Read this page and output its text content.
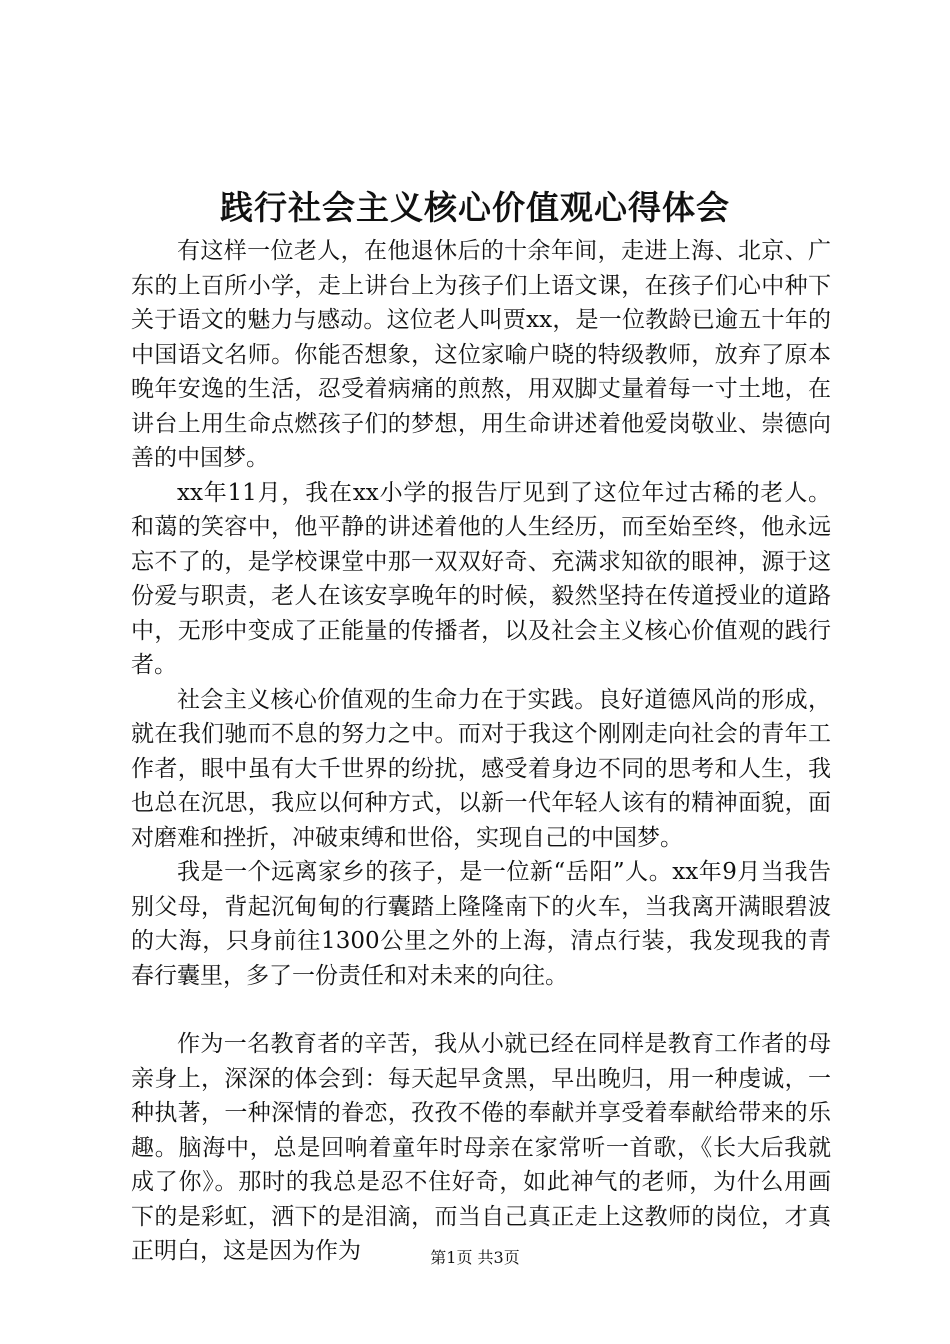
践行社会主义核心价值观心得体会

有这样一位老人，在他退休后的十余年间，走进上海、北京、广东的上百所小学，走上讲台上为孩子们上语文课，在孩子们心中种下关于语文的魅力与感动。这位老人叫贾xx，是一位教龄已逾五十年的中国语文名师。你能否想象，这位家喻户晓的特级教师，放弃了原本晚年安逸的生活，忍受着病痛的煎熬，用双脚丈量着每一寸土地，在讲台上用生命点燃孩子们的梦想，用生命讲述着他爱岗敬业、崇德向善的中国梦。

xx年11月，我在xx小学的报告厅见到了这位年过古稀的老人。和蔼的笑容中，他平静的讲述着他的人生经历，而至始至终，他永远忘不了的，是学校课堂中那一双双好奇、充满求知欲的眼神，源于这份爱与职责，老人在该安享晚年的时候，毅然坚持在传道授业的道路中，无形中变成了正能量的传播者，以及社会主义核心价值观的践行者。

社会主义核心价值观的生命力在于实践。良好道德风尚的形成，就在我们驰而不息的努力之中。而对于我这个刚刚走向社会的青年工作者，眼中虽有大千世界的纷扰，感受着身边不同的思考和人生，我也总在沉思，我应以何种方式，以新一代年轻人该有的精神面貌，面对磨难和挫折，冲破束缚和世俗，实现自己的中国梦。

我是一个远离家乡的孩子，是一位新“岳阳”人。xx年9月当我告别父母，背起沉甸甸的行囊踏上隆隆南下的火车，当我离开满眼碧波的大海，只身前往1300公里之外的上海，清点行装，我发现我的青春行囊里，多了一份责任和对未来的向往。

作为一名教育者的辛苦，我从小就已经在同样是教育工作者的母亲身上，深深的体会到：每天起早贪黑，早出晚归，用一种虔诚，一种执著，一种深情的眷恋，孜孜不倦的奉献并享受着奉献给带来的乐趣。脑海中，总是回响着童年时母亲在家常听一首歌，《长大后我就成了你》。那时的我总是忍不住好奇，如此神气的老师，为什么用画下的是彩虹，洒下的是泪滴，而当自己真正走上这教师的岗位，才真正明白，这是因为作为	第1页 共3页
